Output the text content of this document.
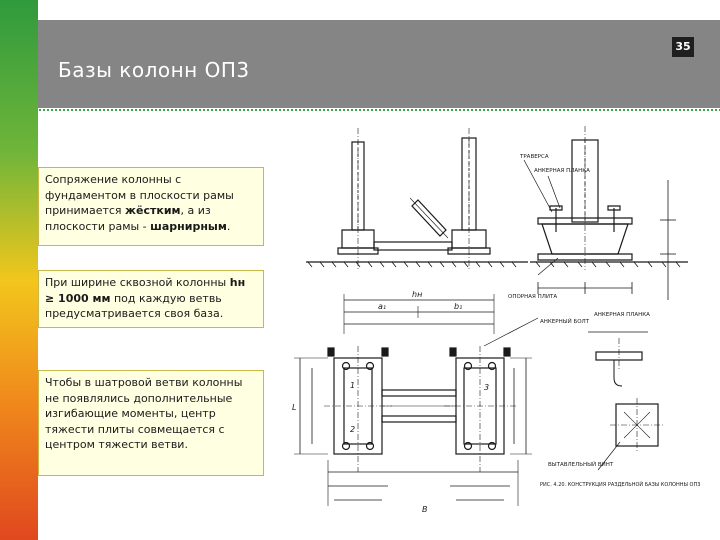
Базы колонн ОП3
35
Сопряжение колонны с фундаментом в плоскости рамы принимается жёстким, а из плоскости рамы - шарнирным.
При ширине сквозной колонны hн ≥ 1000 мм под каждую ветвь предусматривается своя база.
Чтобы в шатровой ветви колонны не появлялись дополнительные изгибающие моменты, центр тяжести плиты совмещается с центром тяжести ветви.
ТРАВЕРСА
АНКЕРНАЯ ПЛАНКА
ОПОРНАЯ ПЛИТА
АНКЕРНЫЙ БОЛТ
АНКЕРНАЯ ПЛАНКА
ВЫТАВЛЕЛЬНЫЙ ВИНТ
РИС. 4.20. КОНСТРУКЦИЯ РАЗДЕЛЬНОЙ БАЗЫ КОЛОННЫ ОП3
hн
a₁	b₁
B
L
1
2
3
